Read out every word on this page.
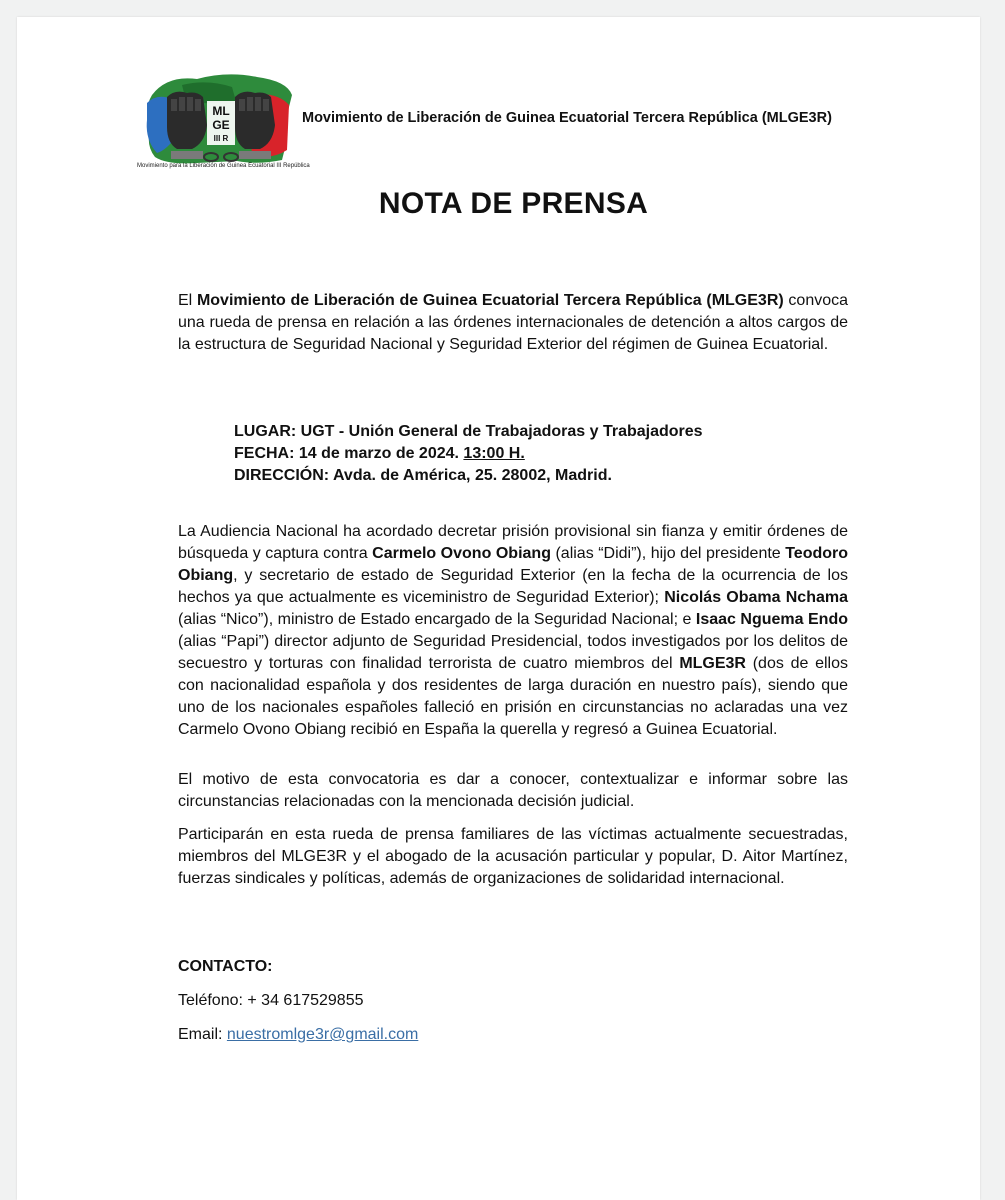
ML
GE
III R
Movimiento para la Liberación de Guinea Ecuatorial III República
Movimiento de Liberación de Guinea Ecuatorial Tercera República (MLGE3R)
NOTA DE PRENSA
El Movimiento de Liberación de Guinea Ecuatorial Tercera República (MLGE3R) convoca una rueda de prensa en relación a las órdenes internacionales de detención a altos cargos de la estructura de Seguridad Nacional y Seguridad Exterior del régimen de Guinea Ecuatorial.
LUGAR: UGT - Unión General de Trabajadoras y Trabajadores
FECHA: 14 de marzo de 2024. 13:00 H.
DIRECCIÓN: Avda. de América, 25. 28002, Madrid.
La Audiencia Nacional ha acordado decretar prisión provisional sin fianza y emitir órdenes de búsqueda y captura contra Carmelo Ovono Obiang (alias “Didi”), hijo del presidente Teodoro Obiang, y secretario de estado de Seguridad Exterior (en la fecha de la ocurrencia de los hechos ya que actualmente es viceministro de Seguridad Exterior); Nicolás Obama Nchama (alias “Nico”), ministro de Estado encargado de la Seguridad Nacional; e Isaac Nguema Endo (alias “Papi”) director adjunto de Seguridad Presidencial, todos investigados por los delitos de secuestro y torturas con finalidad terrorista de cuatro miembros del MLGE3R (dos de ellos con nacionalidad española y dos residentes de larga duración en nuestro país), siendo que uno de los nacionales españoles falleció en prisión en circunstancias no aclaradas una vez Carmelo Ovono Obiang recibió en España la querella y regresó a Guinea Ecuatorial.
El motivo de esta convocatoria es dar a conocer, contextualizar e informar sobre las circunstancias relacionadas con la mencionada decisión judicial.
Participarán en esta rueda de prensa familiares de las víctimas actualmente secuestradas, miembros del MLGE3R y el abogado de la acusación particular y popular, D. Aitor Martínez, fuerzas sindicales y políticas, además de organizaciones de solidaridad internacional.
CONTACTO:
Teléfono: + 34 617529855
Email: nuestromlge3r@gmail.com
